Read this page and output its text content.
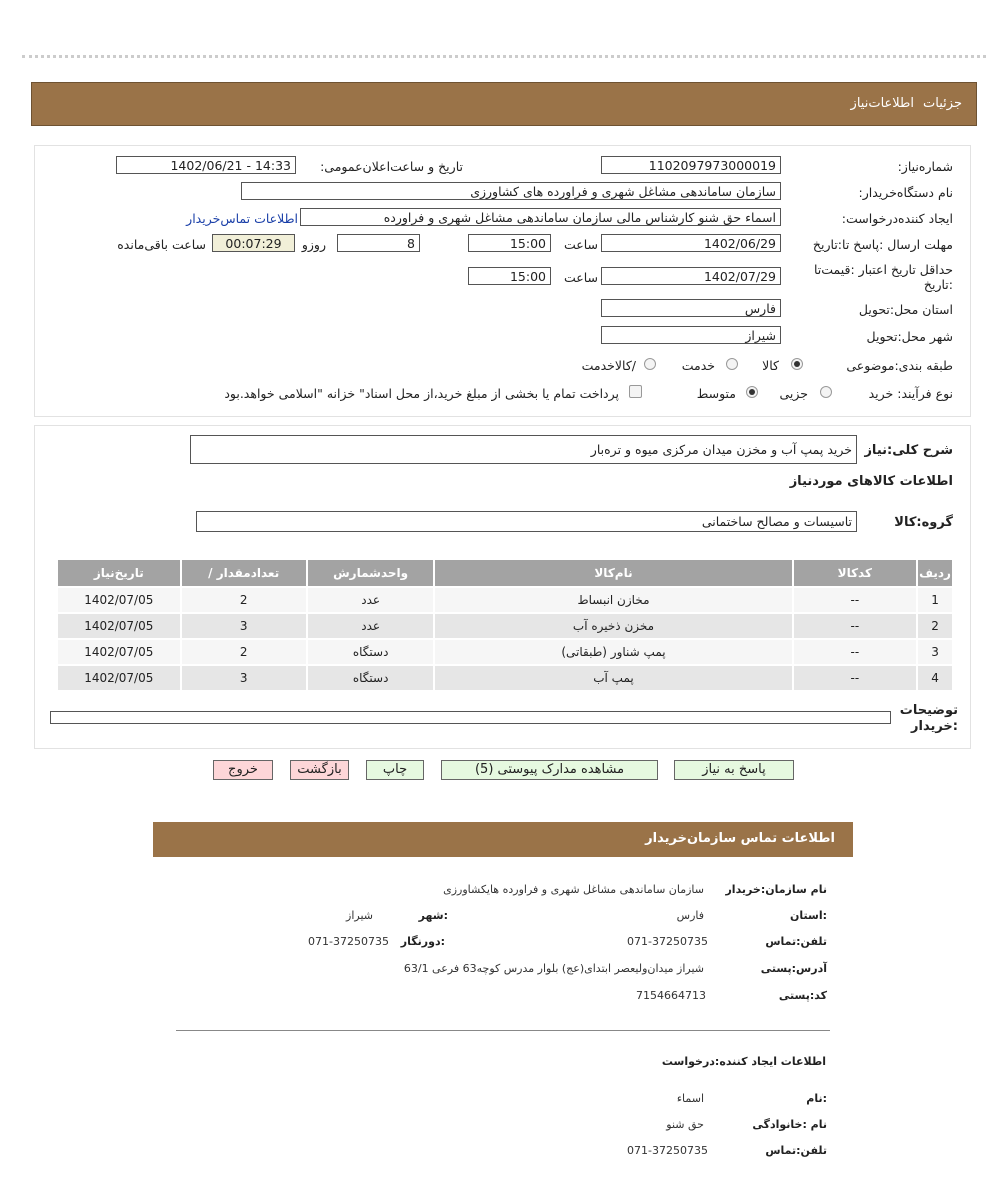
جزئیات
اطلاعات‌نیاز
شماره‌نیاز:
1102097973000019
تاریخ و ساعت‌اعلان‌عمومی:
1402/06/21 - 14:33
نام دستگاه‌خریدار:
سازمان ساماندهی مشاغل شهری و فراورده های کشاورزی
ایجاد کننده‌درخواست:
اسماء حق شنو کارشناس مالی سازمان ساماندهی مشاغل شهری و فراورده
اطلاعات تماس‌خریدار
مهلت ارسال :پاسخ تا:تاریخ
1402/06/29
ساعت
15:00
8
روزو
00:07:29
ساعت باقی‌مانده
حداقل تاریخ اعتبار :قیمت‌تا :تاریخ
1402/07/29
ساعت
15:00
استان محل:تحویل
فارس
شهر محل:تحویل
شیراز
طبقه بندی:موضوعی
کالا
خدمت
/کالاخدمت
نوع فرآیند: خرید
جزیی
متوسط
پرداخت تمام یا بخشی از مبلغ خرید،از محل اسناد" خزانه "اسلامی خواهد.بود
شرح کلی:نیاز
خرید پمپ آب و مخزن میدان مرکزی میوه و تره‌بار
اطلاعات کالاهای موردنیاز
گروه:کالا
تاسیسات و مصالح ساختمانی
تاریخ‌نیاز	/ تعدادمقدار	واحدشمارش	نام‌کالا	کدکالا	ردیف
1402/07/05	2	عدد	مخازن انبساط	--	1
1402/07/05	3	عدد	مخزن ذخیره آب	--	2
1402/07/05	2	دستگاه	پمپ شناور (طبقاتی)	--	3
1402/07/05	3	دستگاه	پمپ آب	--	4
توضیحات :خریدار
پاسخ به نیاز
مشاهده مدارک پیوستی (5)
چاپ
بازگشت
خروج
اطلاعات تماس سازمان‌خریدار
نام سازمان:خریدار
سازمان ساماندهی مشاغل شهری و فراورده هایکشاورزی
:استان
فارس
:شهر
شیراز
تلفن:تماس
071-37250735
:دورنگار
071-37250735
آدرس:پستی
شیراز میدان‌ولیعصر ابتدای(عج) بلوار مدرس کوچه63 فرعی 63/1
کد:پستی
7154664713
اطلاعات ایجاد کننده:درخواست
:نام
اسماء
نام :خانوادگی
حق شنو
تلفن:تماس
071-37250735
